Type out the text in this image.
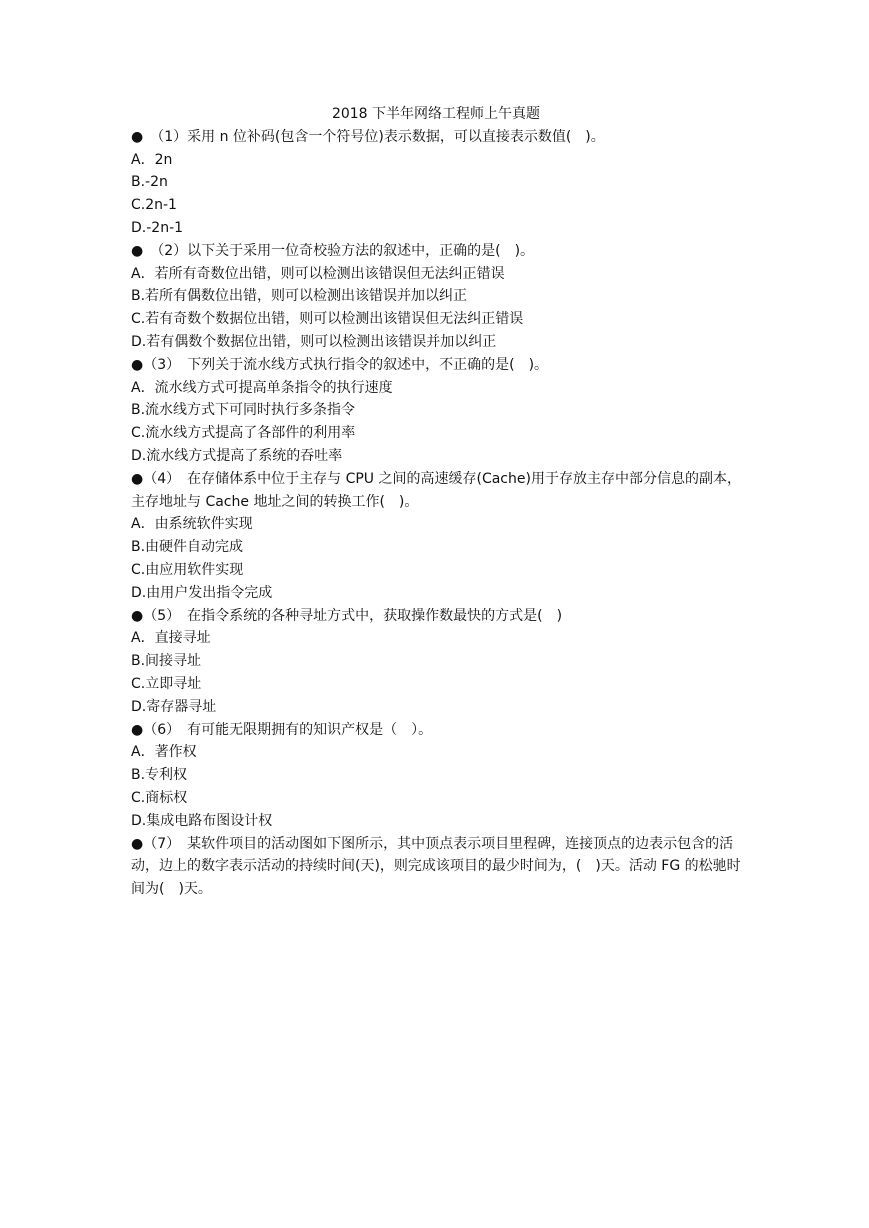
2018 下半年网络工程师上午真题
●　（1）采用 n 位补码(包含一个符号位)表示数据，可以直接表示数值(　)。
A．2n
B.-2n
C.2n-1
D.-2n-1
●　（2）以下关于采用一位奇校验方法的叙述中，正确的是(　)。
A．若所有奇数位出错，则可以检测出该错误但无法纠正错误
B.若所有偶数位出错，则可以检测出该错误并加以纠正
C.若有奇数个数据位出错，则可以检测出该错误但无法纠正错误
D.若有偶数个数据位出错，则可以检测出该错误并加以纠正
●（3）　下列关于流水线方式执行指令的叙述中，不正确的是(　)。
A．流水线方式可提高单条指令的执行速度
B.流水线方式下可同时执行多条指令
C.流水线方式提高了各部件的利用率
D.流水线方式提高了系统的吞吐率
●（4）　在存储体系中位于主存与 CPU 之间的高速缓存(Cache)用于存放主存中部分信息的副本，主存地址与 Cache 地址之间的转换工作(　)。
A．由系统软件实现
B.由硬件自动完成
C.由应用软件实现
D.由用户发出指令完成
●（5）　在指令系统的各种寻址方式中，获取操作数最快的方式是(　)
A．直接寻址
B.间接寻址
C.立即寻址
D.寄存器寻址
●（6）　有可能无限期拥有的知识产权是（　）。
A．著作权
B.专利权
C.商标权
D.集成电路布图设计权
●（7）　某软件项目的活动图如下图所示，其中顶点表示项目里程碑，连接顶点的边表示包含的活动，边上的数字表示活动的持续时间(天)，则完成该项目的最少时间为，(　)天。活动 FG 的松驰时间为(　)天。
